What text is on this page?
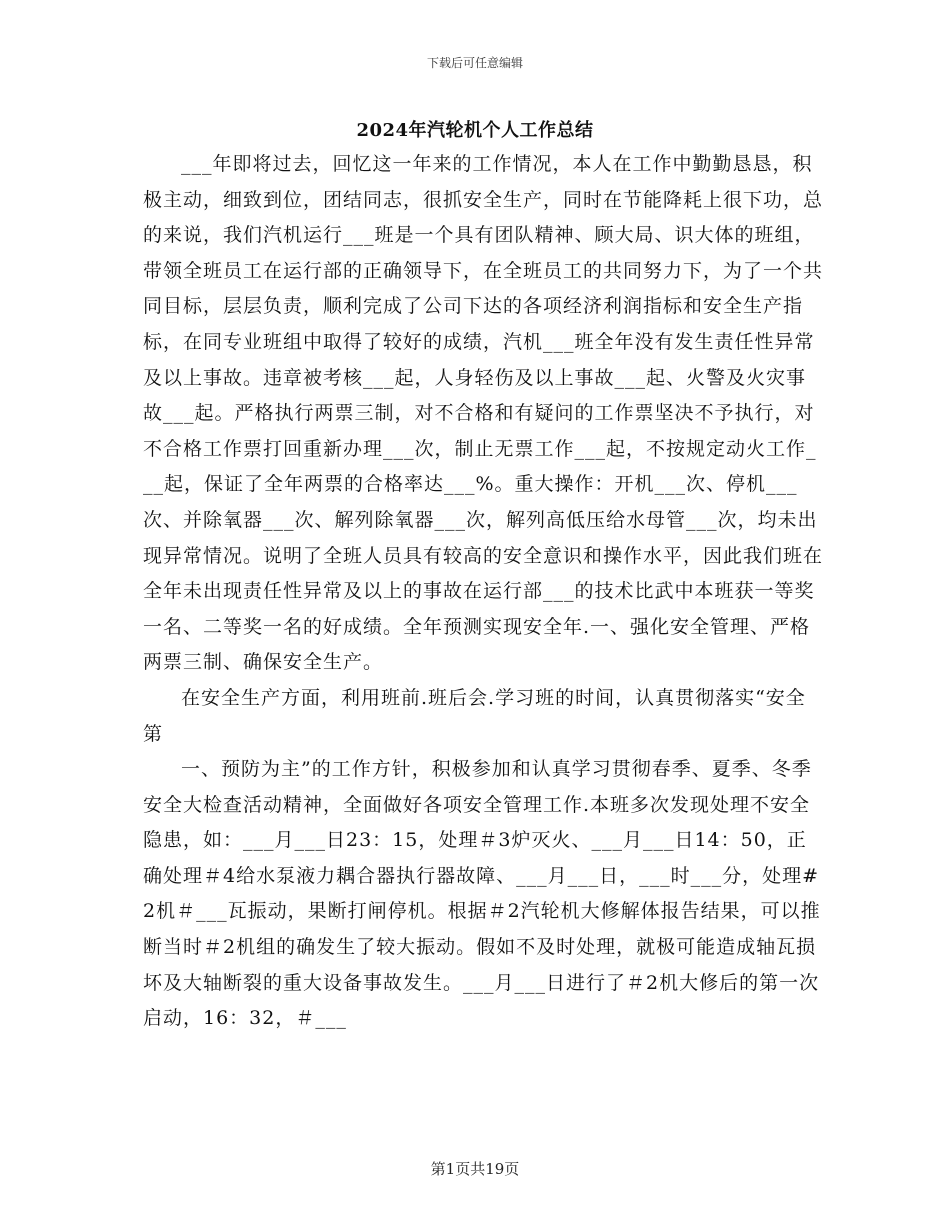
下载后可任意编辑
2024年汽轮机个人工作总结

___年即将过去，回忆这一年来的工作情况，本人在工作中勤勤恳恳，积极主动，细致到位，团结同志，很抓安全生产，同时在节能降耗上很下功，总的来说，我们汽机运行___班是一个具有团队精神、顾大局、识大体的班组，带领全班员工在运行部的正确领导下，在全班员工的共同努力下，为了一个共同目标，层层负责，顺利完成了公司下达的各项经济利润指标和安全生产指标，在同专业班组中取得了较好的成绩，汽机___班全年没有发生责任性异常及以上事故。违章被考核___起，人身轻伤及以上事故___起、火警及火灾事故___起。严格执行两票三制，对不合格和有疑问的工作票坚决不予执行，对不合格工作票打回重新办理___次，制止无票工作___起，不按规定动火工作___起，保证了全年两票的合格率达___%。重大操作：开机___次、停机___次、并除氧器___次、解列除氧器___次，解列高低压给水母管___次，均未出现异常情况。说明了全班人员具有较高的安全意识和操作水平，因此我们班在全年未出现责任性异常及以上的事故在运行部___的技术比武中本班获一等奖一名、二等奖一名的好成绩。全年预测实现安全年.一、强化安全管理、严格两票三制、确保安全生产。

在安全生产方面，利用班前.班后会.学习班的时间，认真贯彻落实“安全第

一、预防为主”的工作方针，积极参加和认真学习贯彻春季、夏季、冬季安全大检查活动精神，全面做好各项安全管理工作.本班多次发现处理不安全隐患，如：___月___日23：15，处理＃3炉灭火、___月___日14：50，正确处理＃4给水泵液力耦合器执行器故障、___月___日，___时___分，处理#2机＃___瓦振动，果断打闸停机。根据＃2汽轮机大修解体报告结果，可以推断当时＃2机组的确发生了较大振动。假如不及时处理，就极可能造成轴瓦损坏及大轴断裂的重大设备事故发生。___月___日进行了＃2机大修后的第一次启动，16：32，＃___

第1页共19页
